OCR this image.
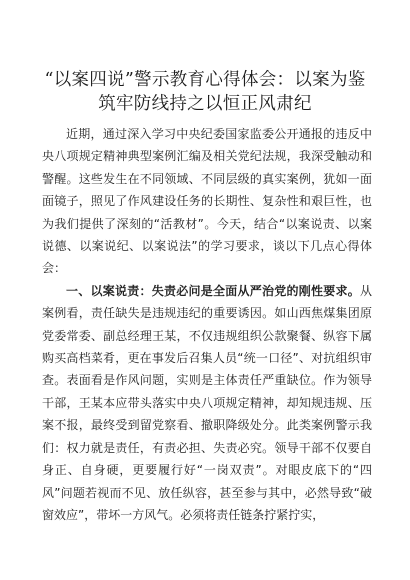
“以案四说”警示教育心得体会：以案为鉴筑牢防线持之以恒正风肃纪

近期，通过深入学习中央纪委国家监委公开通报的违反中央八项规定精神典型案例汇编及相关党纪法规，我深受触动和警醒。这些发生在不同领域、不同层级的真实案例，犹如一面面镜子，照见了作风建设任务的长期性、复杂性和艰巨性，也为我们提供了深刻的“活教材”。今天，结合“以案说责、以案说德、以案说纪、以案说法”的学习要求，谈以下几点心得体会：

一、以案说责：失责必问是全面从严治党的刚性要求。从案例看，责任缺失是违规违纪的重要诱因。如山西焦煤集团原党委常委、副总经理王某，不仅违规组织公款聚餐、纵容下属购买高档菜肴，更在事发后召集人员“统一口径”、对抗组织审查。表面看是作风问题，实则是主体责任严重缺位。作为领导干部，王某本应带头落实中央八项规定精神，却知规违规、压案不报，最终受到留党察看、撤职降级处分。此类案例警示我们：权力就是责任，有责必担、失责必究。领导干部不仅要自身正、自身硬，更要履行好“一岗双责”。对眼皮底下的“四风”问题若视而不见、放任纵容，甚至参与其中，必然导致“破窗效应”，带坏一方风气。必须将责任链条拧紧拧实，
